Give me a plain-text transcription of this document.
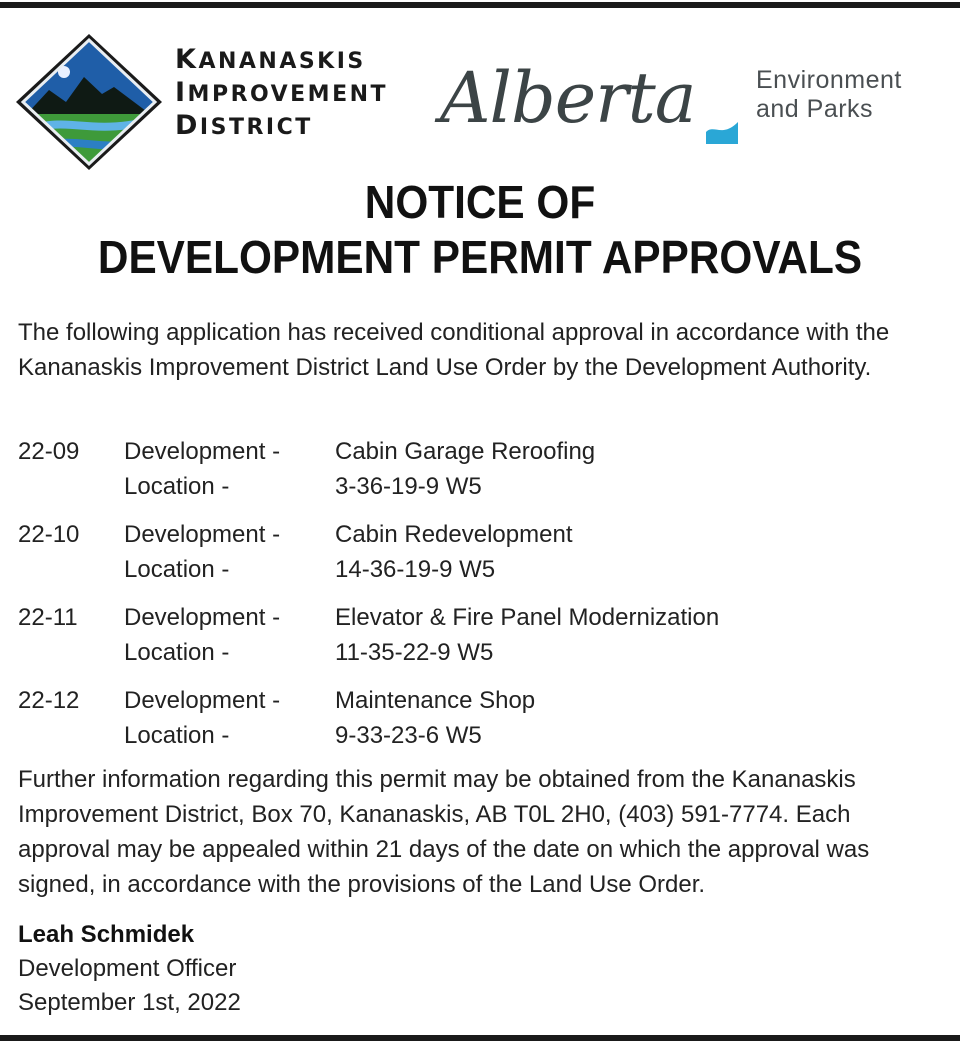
KANANASKIS
IMPROVEMENT
DISTRICT	Alberta Environment
and Parks
NOTICE OF
DEVELOPMENT PERMIT APPROVALS
The following application has received conditional approval in accordance with the Kananaskis Improvement District Land Use Order by the Development Authority.
22-09 Development - Cabin Garage Reroofing
Location -	3-36-19-9 W5
22-10 Development - Cabin Redevelopment
Location -	14-36-19-9 W5
22-11 Development - Elevator & Fire Panel Modernization
Location -	11-35-22-9 W5
22-12 Development - Maintenance Shop
Location -	9-33-23-6 W5
Further information regarding this permit may be obtained from the Kananaskis Improvement District, Box 70, Kananaskis, AB T0L 2H0, (403) 591-7774. Each approval may be appealed within 21 days of the date on which the approval was signed, in accordance with the provisions of the Land Use Order.
Leah Schmidek
Development Officer
September 1st, 2022
